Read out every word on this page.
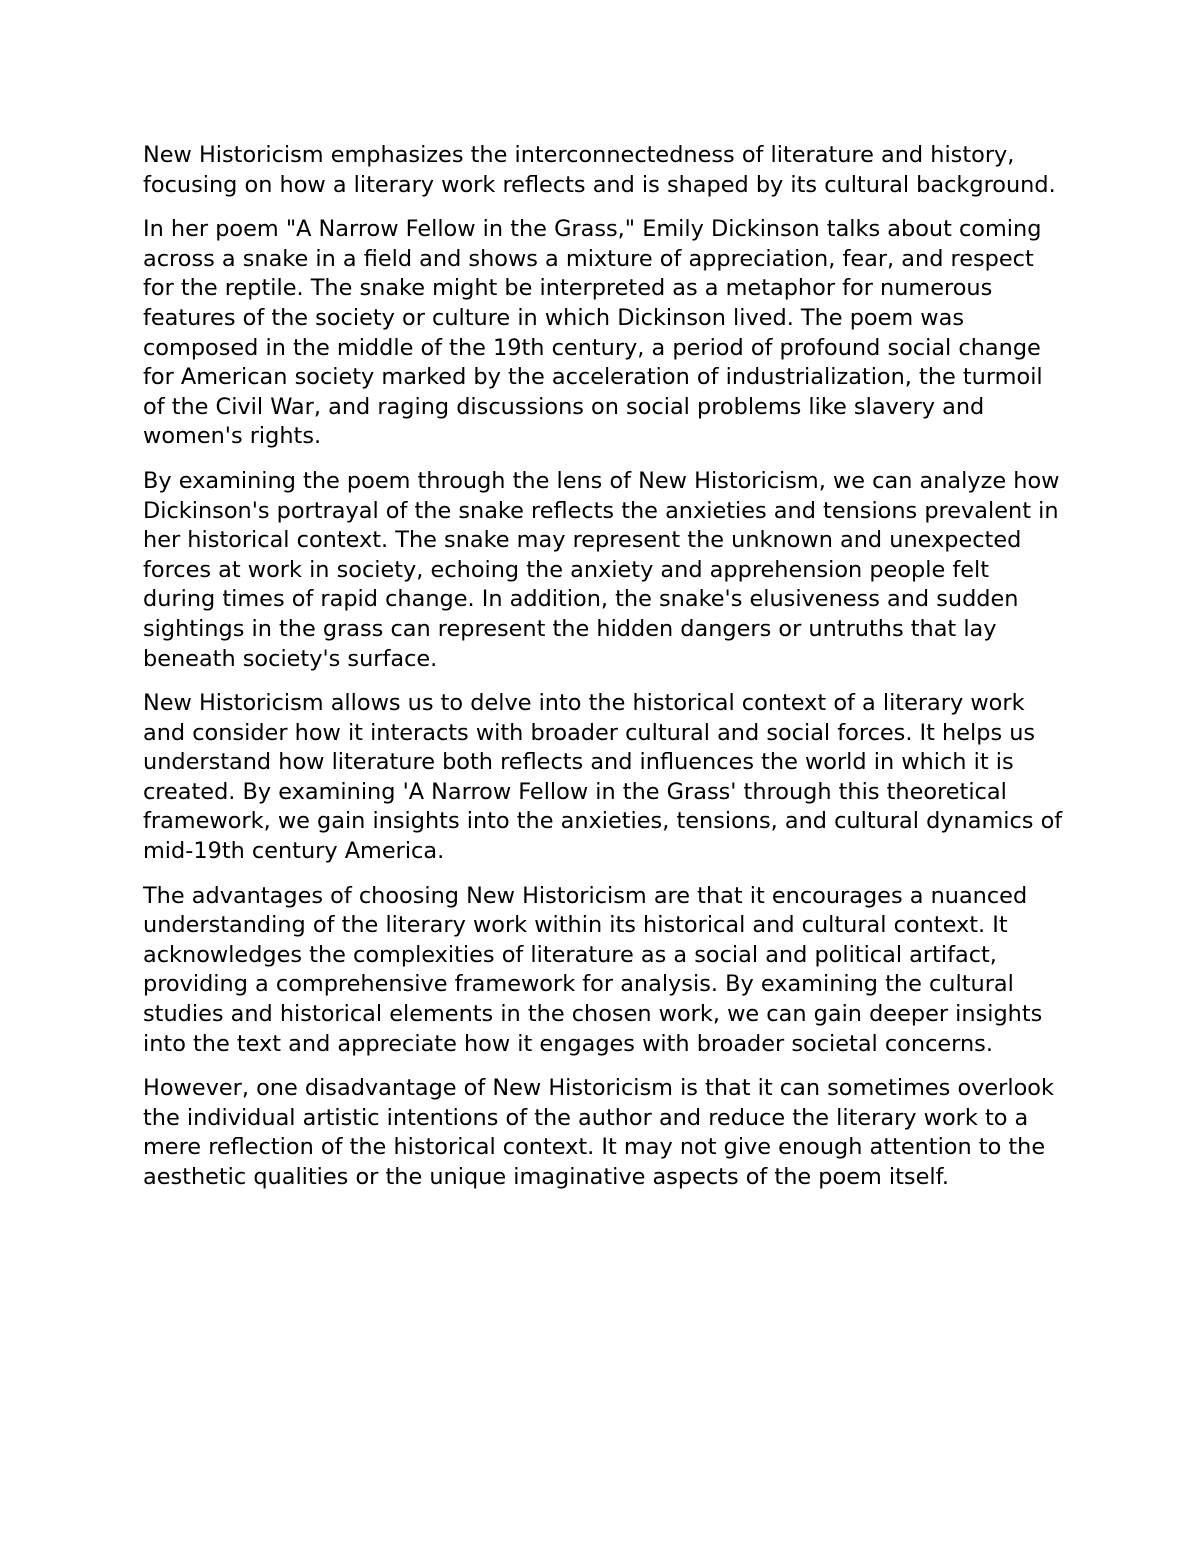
New Historicism emphasizes the interconnectedness of literature and history, focusing on how a literary work reflects and is shaped by its cultural background.

In her poem "A Narrow Fellow in the Grass," Emily Dickinson talks about coming across a snake in a field and shows a mixture of appreciation, fear, and respect for the reptile. The snake might be interpreted as a metaphor for numerous features of the society or culture in which Dickinson lived. The poem was composed in the middle of the 19th century, a period of profound social change for American society marked by the acceleration of industrialization, the turmoil of the Civil War, and raging discussions on social problems like slavery and women's rights.

By examining the poem through the lens of New Historicism, we can analyze how Dickinson's portrayal of the snake reflects the anxieties and tensions prevalent in her historical context. The snake may represent the unknown and unexpected forces at work in society, echoing the anxiety and apprehension people felt during times of rapid change. In addition, the snake's elusiveness and sudden sightings in the grass can represent the hidden dangers or untruths that lay beneath society's surface.

New Historicism allows us to delve into the historical context of a literary work and consider how it interacts with broader cultural and social forces. It helps us understand how literature both reflects and influences the world in which it is created. By examining 'A Narrow Fellow in the Grass' through this theoretical framework, we gain insights into the anxieties, tensions, and cultural dynamics of mid-19th century America.

The advantages of choosing New Historicism are that it encourages a nuanced understanding of the literary work within its historical and cultural context. It acknowledges the complexities of literature as a social and political artifact, providing a comprehensive framework for analysis. By examining the cultural studies and historical elements in the chosen work, we can gain deeper insights into the text and appreciate how it engages with broader societal concerns.

However, one disadvantage of New Historicism is that it can sometimes overlook the individual artistic intentions of the author and reduce the literary work to a mere reflection of the historical context. It may not give enough attention to the aesthetic qualities or the unique imaginative aspects of the poem itself.
